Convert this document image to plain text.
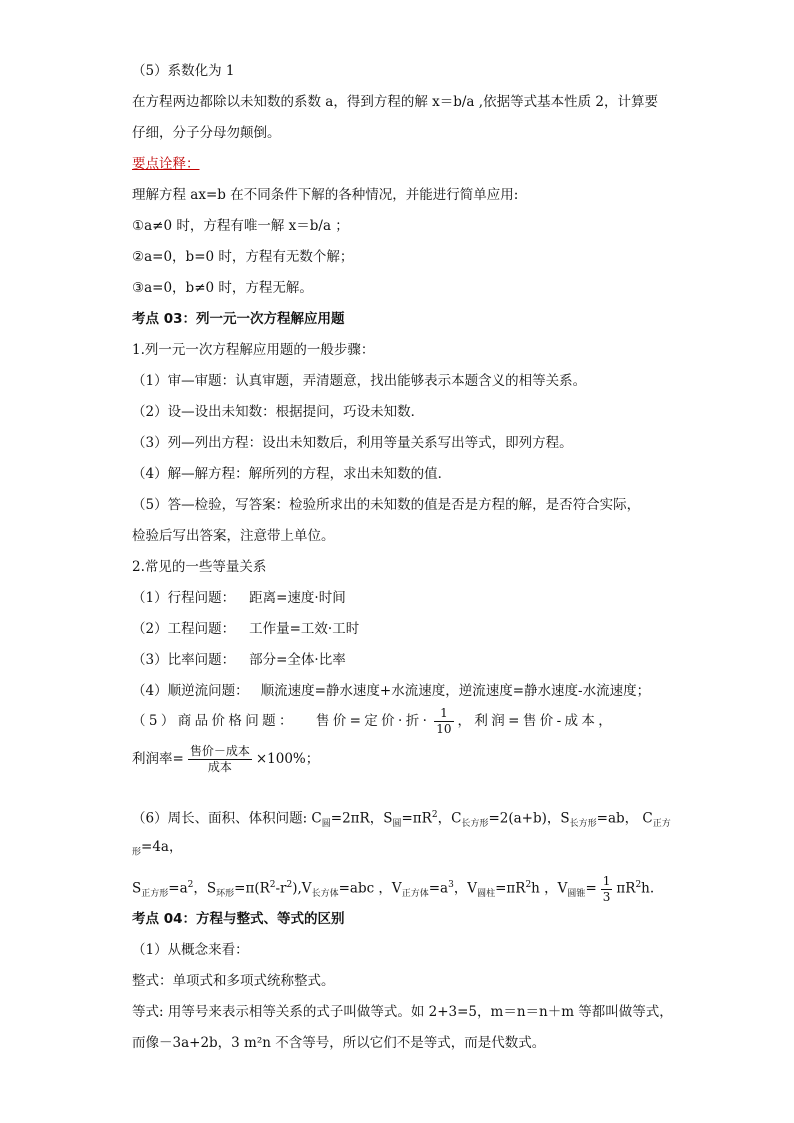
（5）系数化为 1
在方程两边都除以未知数的系数 a，得到方程的解 x＝b/a ,依据等式基本性质 2，计算要
仔细，分子分母勿颠倒。
要点诠释：
理解方程 ax=b 在不同条件下解的各种情况，并能进行简单应用:
①a≠0 时，方程有唯一解 x＝b/a ；
②a=0，b=0 时，方程有无数个解；
③a=0，b≠0 时，方程无解。
考点 03：列一元一次方程解应用题
1.列一元一次方程解应用题的一般步骤：
（1）审—审题：认真审题，弄清题意，找出能够表示本题含义的相等关系。
（2）设—设出未知数：根据提问，巧设未知数．
（3）列—列出方程：设出未知数后，利用等量关系写出等式，即列方程。
（4）解—解方程：解所列的方程，求出未知数的值．
（5）答—检验，写答案：检验所求出的未知数的值是否是方程的解，是否符合实际，
检验后写出答案，注意带上单位。
2.常见的一些等量关系
（1）行程问题： 距离=速度·时间
（2）工程问题： 工作量=工效·工时
（3）比率问题： 部分=全体·比率
（4）顺逆流问题： 顺流速度=静水速度+水流速度，逆流速度=静水速度-水流速度；
（5）商品价格问题： 售价=定价·折· $\frac{1}{10}$ ，利润=售价-成本，
利润率= $\frac{\text{售价－成本}}{\text{成本}} \times 100\%$；
（6）周长、面积、体积问题: $C_圆=2\pi R$，$S_圆=\pi R^2$，$C_{长方形}=2(a+b)$，$S_{长方形}=ab$， $C_{正方}$
$_形$=4a，
$S_{正方形}=a^2$，$S_{环形}=\pi(R^2-r^2),V_{长方体}=abc$ ，$V_{正方体}=a^3$，$V_{圆柱}=\pi R^2h$ ，$V_{圆锥}= \frac{1}{3} \pi R^2h$.
考点 04：方程与整式、等式的区别
（1）从概念来看：
整式：单项式和多项式统称整式。
等式: 用等号来表示相等关系的式子叫做等式。如 2+3=5，m＝n＝n＋m 等都叫做等式，
而像－3a+2b，3 m²n 不含等号，所以它们不是等式，而是代数式。
